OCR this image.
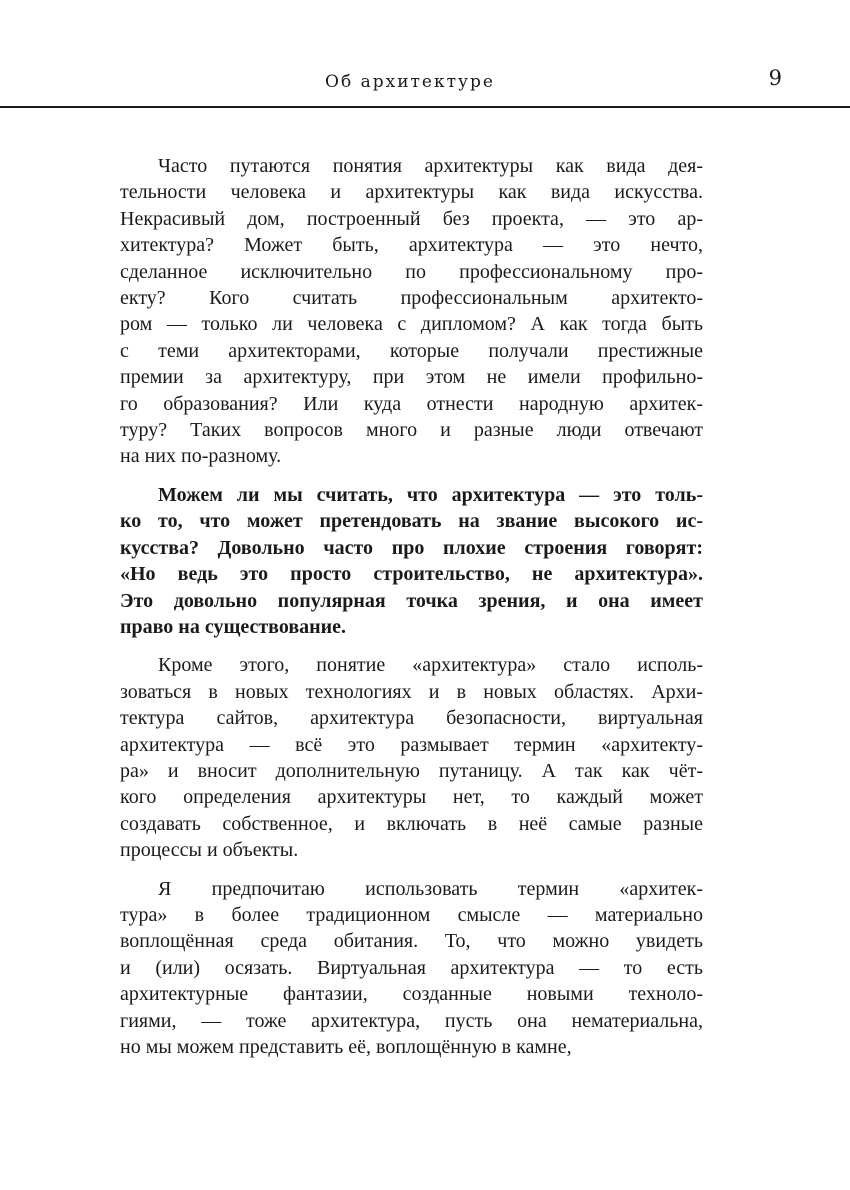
Об архитектуре	9
Часто путаются понятия архитектуры как вида дея-
тельности человека и архитектуры как вида искусства.
Некрасивый дом, построенный без проекта, — это ар-
хитектура? Может быть, архитектура — это нечто,
сделанное исключительно по профессиональному про-
екту? Кого считать профессиональным архитекто-
ром — только ли человека с дипломом? А как тогда быть
с теми архитекторами, которые получали престижные
премии за архитектуру, при этом не имели профильно-
го образования? Или куда отнести народную архитек-
туру? Таких вопросов много и разные люди отвечают
на них по-разному.
Можем ли мы считать, что архитектура — это толь-
ко то, что может претендовать на звание высокого ис-
кусства? Довольно часто про плохие строения говорят:
«Но ведь это просто строительство, не архитектура».
Это довольно популярная точка зрения, и она имеет
право на существование.
Кроме этого, понятие «архитектура» стало исполь-
зоваться в новых технологиях и в новых областях. Архи-
тектура сайтов, архитектура безопасности, виртуальная
архитектура — всё это размывает термин «архитекту-
ра» и вносит дополнительную путаницу. А так как чёт-
кого определения архитектуры нет, то каждый может
создавать собственное, и включать в неё самые разные
процессы и объекты.
Я предпочитаю использовать термин «архитек-
тура» в более традиционном смысле — материально
воплощённая среда обитания. То, что можно увидеть
и (или) осязать. Виртуальная архитектура — то есть
архитектурные фантазии, созданные новыми техноло-
гиями, — тоже архитектура, пусть она нематериальна,
но мы можем представить её, воплощённую в камне,
